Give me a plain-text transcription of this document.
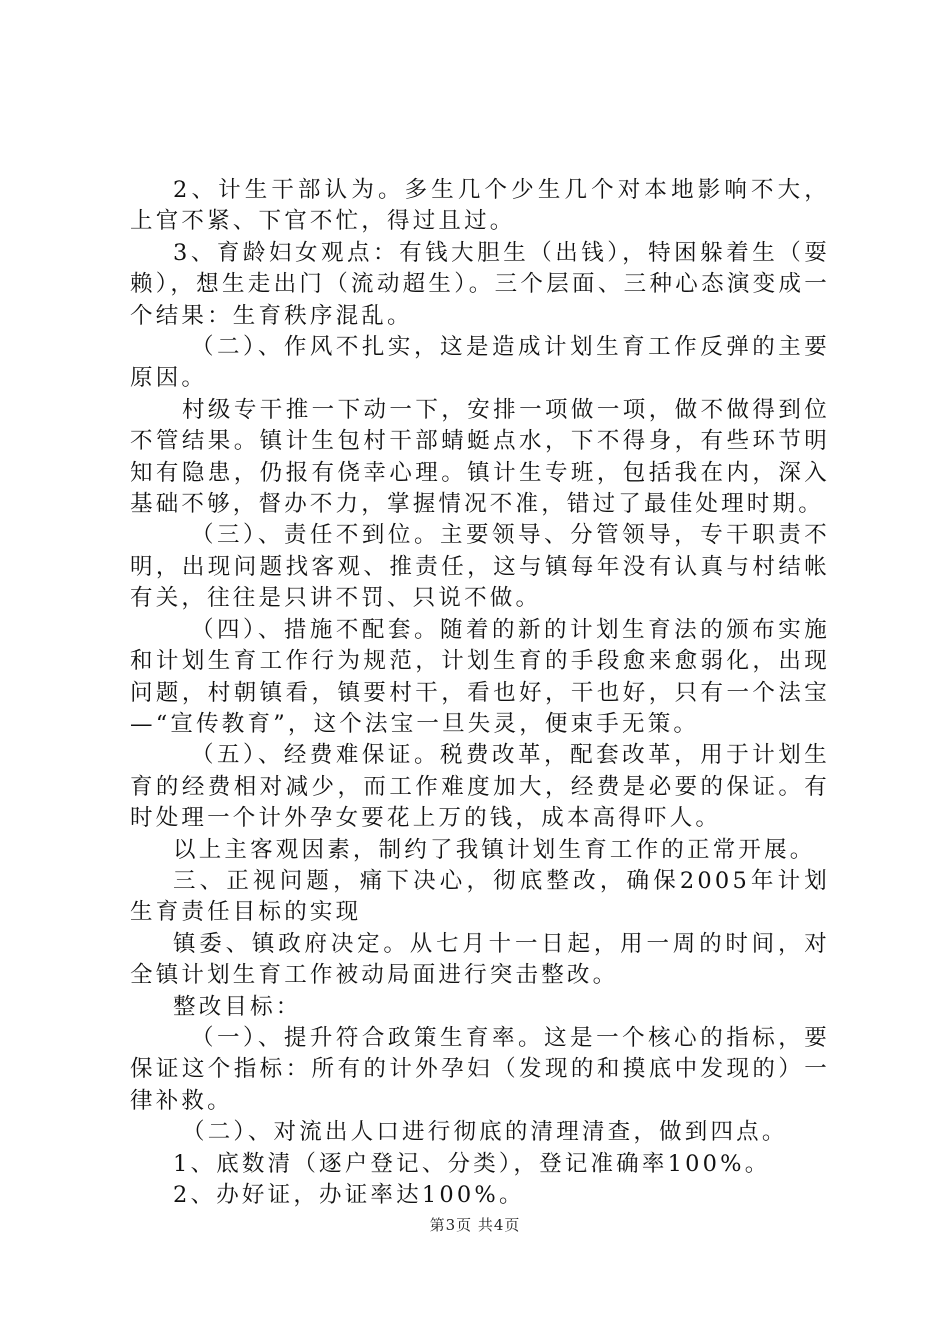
2、计生干部认为。多生几个少生几个对本地影响不大，上官不紧、下官不忙，得过且过。

3、育龄妇女观点：有钱大胆生（出钱），特困躲着生（耍赖），想生走出门（流动超生）。三个层面、三种心态演变成一个结果：生育秩序混乱。

（二）、作风不扎实，这是造成计划生育工作反弹的主要原因。

村级专干推一下动一下，安排一项做一项，做不做得到位不管结果。镇计生包村干部蜻蜓点水，下不得身，有些环节明知有隐患，仍报有侥幸心理。镇计生专班，包括我在内，深入基础不够，督办不力，掌握情况不准，错过了最佳处理时期。

（三）、责任不到位。主要领导、分管领导，专干职责不明，出现问题找客观、推责任，这与镇每年没有认真与村结帐有关，往往是只讲不罚、只说不做。

（四）、措施不配套。随着的新的计划生育法的颁布实施和计划生育工作行为规范，计划生育的手段愈来愈弱化，出现问题，村朝镇看，镇要村干，看也好，干也好，只有一个法宝—“宣传教育”，这个法宝一旦失灵，便束手无策。

（五）、经费难保证。税费改革，配套改革，用于计划生育的经费相对减少，而工作难度加大，经费是必要的保证。有时处理一个计外孕女要花上万的钱，成本高得吓人。

以上主客观因素，制约了我镇计划生育工作的正常开展。

三、正视问题，痛下决心，彻底整改，确保2005年计划生育责任目标的实现

镇委、镇政府决定。从七月十一日起，用一周的时间，对全镇计划生育工作被动局面进行突击整改。

整改目标：

（一）、提升符合政策生育率。这是一个核心的指标，要保证这个指标：所有的计外孕妇（发现的和摸底中发现的）一律补救。

（二）、对流出人口进行彻底的清理清查，做到四点。

1、底数清（逐户登记、分类），登记准确率100%。

2、办好证，办证率达100%。

第3页 共4页
